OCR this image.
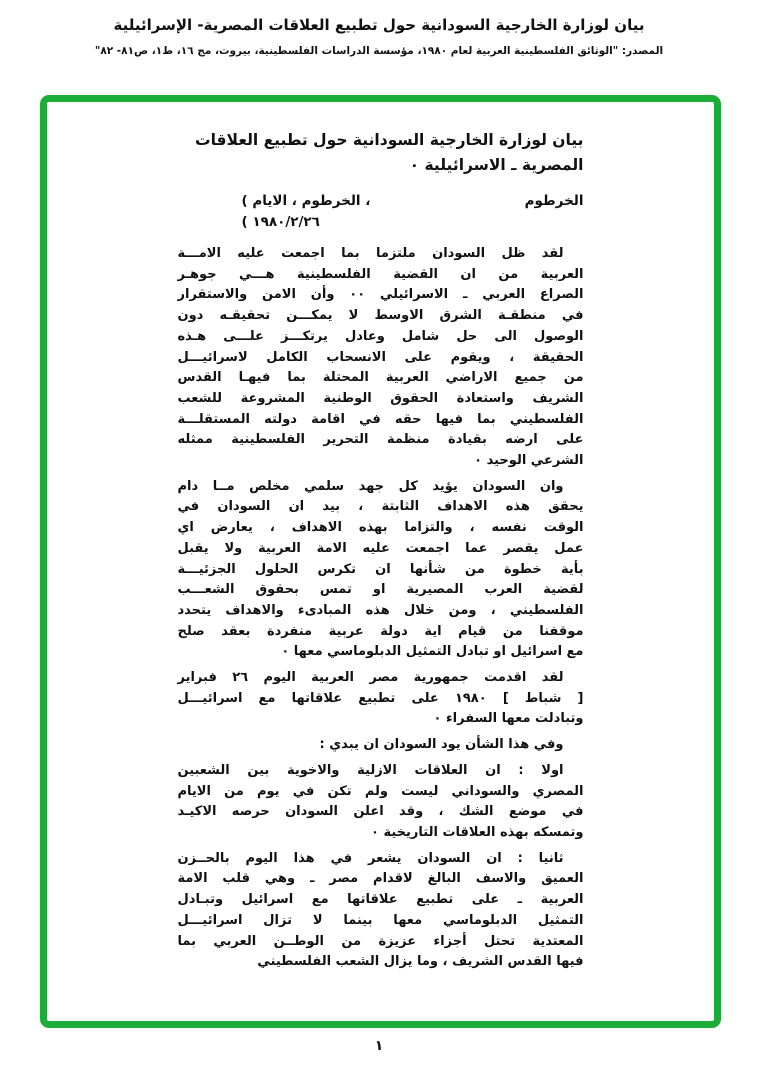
بيان لوزارة الخارجية السودانية حول تطبيع العلاقات المصرية- الإسرائيلية
المصدر: "الوثائق الفلسطينية العربية لعام ١٩٨٠، مؤسسة الدراسات الفلسطينية، بيروت، مج ١٦، ط١، ص٨١- ٨٢"
بيان لوزارة الخارجية السودانية حول تطبيع العلاقات
المصرية ـ الاسرائيلية ٠
الخرطوم
( الايام ‎، ‎الخرطوم ‎،
( ١٩٨٠/٢/٢٦
لقد ظل السودان ملتزما بما اجمعت عليه الامـــة
العربية من ان القضية الفلسطينية هـــي جوهـر
الصراع العربي ـ الاسرائيلي ٠٠ وأن الامن والاستقرار
في منطقـة الشرق الاوسط لا يمكـــن تحقيقـه دون
الوصول الى حل شامل وعادل يرتكـــز علـــى هـذه
الحقيقة ، ويقوم على الانسحاب الكامل لاسرائيـــل
من جميع الاراضي العربية المحتلة بما فيهـا القدس
الشريف واستعادة الحقوق الوطنية المشروعة للشعب
الفلسطيني بما فيها حقه في اقامة دولته المستقلـــة
على ارضه بقيادة منظمة التحرير الفلسطينية ممثله
الشرعي الوحيد ٠
وان السودان يؤيد كل جهد سلمي مخلص مــا دام
يحقق هذه الاهداف الثابتة ، بيد ان السودان في
الوقت نفسه ، والتزاما بهذه الاهداف ، يعارض اي
عمل يقصر عما اجمعت عليه الامة العربية ولا يقبل
بأية خطوة من شأنها ان تكرس الحلول الجزئيـــة
لقضية العرب المصيرية او تمس بحقوق الشعـــب
الفلسطيني ، ومن خلال هذه المبادىء والاهداف يتحدد
موقفنا من قيام اية دولة عربية منفردة بعقد صلح
مع اسرائيل او تبادل التمثيل الدبلوماسي معها ٠
لقد اقدمت جمهورية مصر العربية اليوم ٢٦ فبراير
[ شباط ] ١٩٨٠ على تطبيع علاقاتها مع اسرائيـــل
وتبادلت معها السفراء ٠
وفي هذا الشأن يود السودان ان يبدي :
اولا : ان العلاقات الازلية والاخوية بين الشعبين
المصري والسوداني ليست ولم تكن في يوم من الايام
في موضع الشك ، وقد اعلن السودان حرصه الاكيـد
وتمسكه بهذه العلاقات التاريخية ٠
ثانيا : ان السودان يشعر في هذا اليوم بالحــزن
العميق والاسف البالغ لاقدام مصر ـ وهي قلب الامة
العربية ـ على تطبيع علاقاتها مع اسرائيل وتبـادل
التمثيل الدبلوماسي معها بينما لا تزال اسرائيـــل
المعتدية تحتل أجزاء عزيزة من الوطــن العربي بما
فيها القدس الشريف ، وما يزال الشعب الفلسطيني
١
